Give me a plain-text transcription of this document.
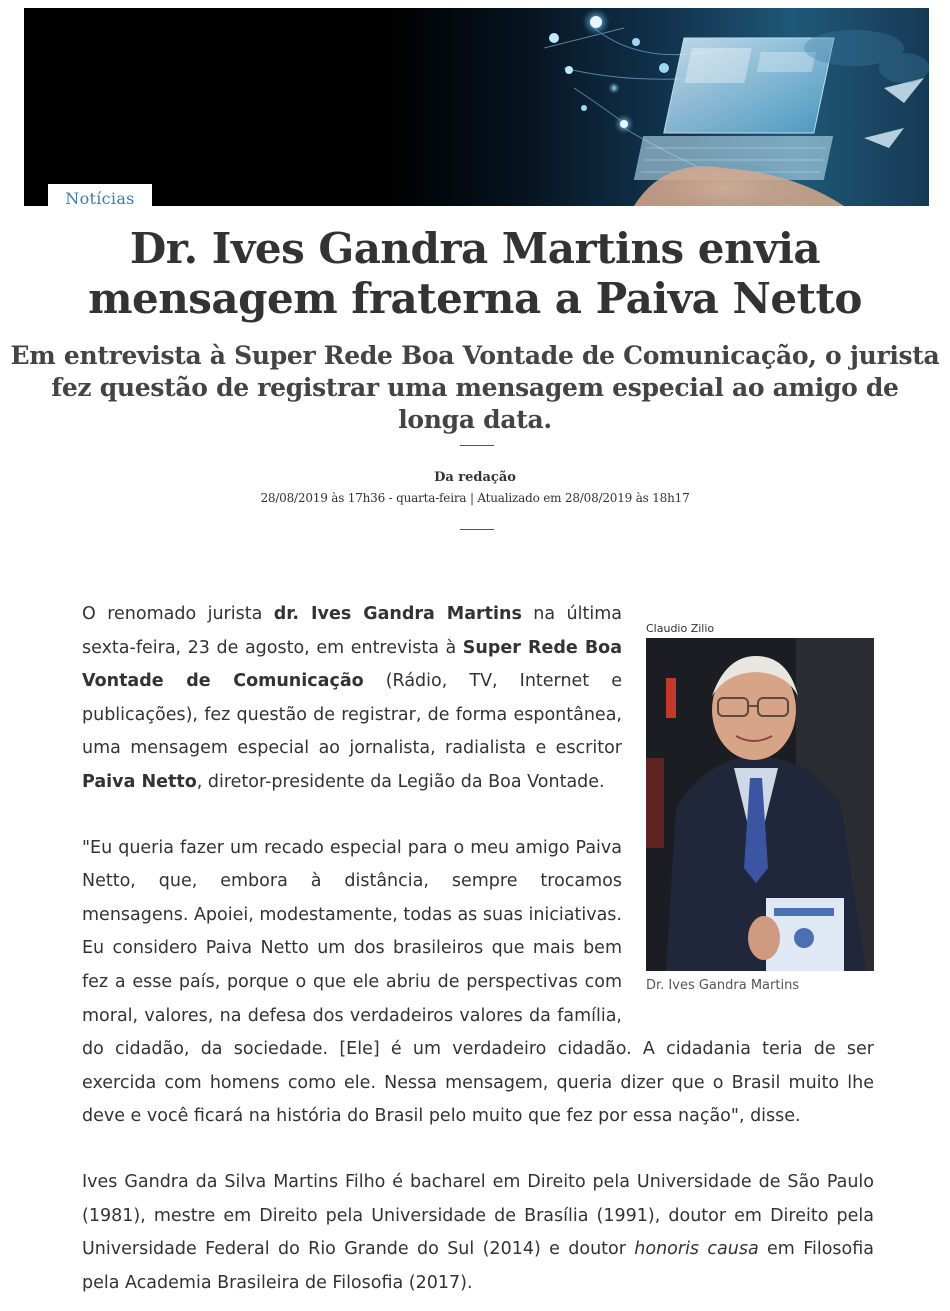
Notícias
Dr. Ives Gandra Martins envia mensagem fraterna a Paiva Netto
Em entrevista à Super Rede Boa Vontade de Comunicação, o jurista fez questão de registrar uma mensagem especial ao amigo de longa data.
Da redação
28/08/2019 às 17h36 - quarta-feira | Atualizado em 28/08/2019 às 18h17
Claudio Zilio
Dr. Ives Gandra Martins

O renomado jurista dr. Ives Gandra Martins na última sexta-feira, 23 de agosto, em entrevista à Super Rede Boa Vontade de Comunicação (Rádio, TV, Internet e publicações), fez questão de registrar, de forma espontânea, uma mensagem especial ao jornalista, radialista e escritor Paiva Netto, diretor-presidente da Legião da Boa Vontade.

"Eu queria fazer um recado especial para o meu amigo Paiva Netto, que, embora à distância, sempre trocamos mensagens. Apoiei, modestamente, todas as suas iniciativas. Eu considero Paiva Netto um dos brasileiros que mais bem fez a esse país, porque o que ele abriu de perspectivas com moral, valores, na defesa dos verdadeiros valores da família, do cidadão, da sociedade. [Ele] é um verdadeiro cidadão. A cidadania teria de ser exercida com homens como ele. Nessa mensagem, queria dizer que o Brasil muito lhe deve e você ficará na história do Brasil pelo muito que fez por essa nação", disse.

Ives Gandra da Silva Martins Filho é bacharel em Direito pela Universidade de São Paulo (1981), mestre em Direito pela Universidade de Brasília (1991), doutor em Direito pela Universidade Federal do Rio Grande do Sul (2014) e doutor honoris causa em Filosofia pela Academia Brasileira de Filosofia (2017).
